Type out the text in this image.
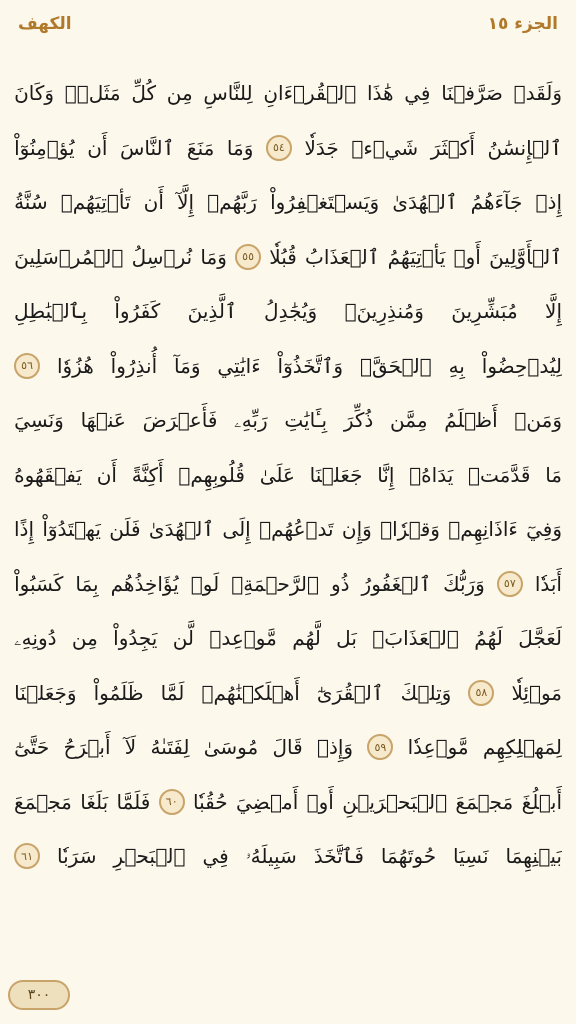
الكهف	الجزء ١٥
وَلَقَدۡ
صَرَّفۡنَا
فِي
هَٰذَا
ٱلۡقُرۡءَانِ
لِلنَّاسِ
مِن
كُلِّ
مَثَلٖۚ
وَكَانَ
ٱلۡإِنسَٰنُ
أَكۡثَرَ
شَيۡءٖ
جَدَلٗا
٥٤
وَمَا
مَنَعَ
ٱلنَّاسَ
أَن
يُؤۡمِنُوٓاْ
إِذۡ
جَآءَهُمُ
ٱلۡهُدَىٰ
وَيَسۡتَغۡفِرُواْ
رَبَّهُمۡ
إِلَّآ
أَن
تَأۡتِيَهُمۡ
سُنَّةُ
ٱلۡأَوَّلِينَ
أَوۡ
يَأۡتِيَهُمُ
ٱلۡعَذَابُ
قُبُلٗا
٥٥
وَمَا
نُرۡسِلُ
ٱلۡمُرۡسَلِينَ
إِلَّا
مُبَشِّرِينَ
وَمُنذِرِينَۚ
وَيُجَٰدِلُ
ٱلَّذِينَ
كَفَرُواْ
بِٱلۡبَٰطِلِ
لِيُدۡحِضُواْ
بِهِ
ٱلۡحَقَّۖ
وَٱتَّخَذُوٓاْ
ءَايَٰتِي
وَمَآ
أُنذِرُواْ
هُزُوٗا
٥٦
وَمَنۡ
أَظۡلَمُ
مِمَّن
ذُكِّرَ
بِـَٔايَٰتِ
رَبِّهِۦ
فَأَعۡرَضَ
عَنۡهَا
وَنَسِيَ
مَا
قَدَّمَتۡ
يَدَاهُۚ
إِنَّا
جَعَلۡنَا
عَلَىٰ
قُلُوبِهِمۡ
أَكِنَّةً
أَن
يَفۡقَهُوهُ
وَفِيٓ
ءَاذَانِهِمۡ
وَقۡرٗاۖ
وَإِن
تَدۡعُهُمۡ
إِلَى
ٱلۡهُدَىٰ
فَلَن
يَهۡتَدُوٓاْ
إِذًا
أَبَدٗا
٥٧
وَرَبُّكَ
ٱلۡغَفُورُ
ذُو
ٱلرَّحۡمَةِۖ
لَوۡ
يُؤَاخِذُهُم
بِمَا
كَسَبُواْ
لَعَجَّلَ
لَهُمُ
ٱلۡعَذَابَۚ
بَل
لَّهُم
مَّوۡعِدٞ
لَّن
يَجِدُواْ
مِن
دُونِهِۦ
مَوۡئِلٗا
٥٨
وَتِلۡكَ
ٱلۡقُرَىٰٓ
أَهۡلَكۡنَٰهُمۡ
لَمَّا
ظَلَمُواْ
وَجَعَلۡنَا
لِمَهۡلِكِهِم
مَّوۡعِدٗا
٥٩
وَإِذۡ
قَالَ
مُوسَىٰ
لِفَتَىٰهُ
لَآ
أَبۡرَحُ
حَتَّىٰٓ
أَبۡلُغَ
مَجۡمَعَ
ٱلۡبَحۡرَيۡنِ
أَوۡ
أَمۡضِيَ
حُقُبٗا
٦٠
فَلَمَّا
بَلَغَا
مَجۡمَعَ
بَيۡنِهِمَا
نَسِيَا
حُوتَهُمَا
فَٱتَّخَذَ
سَبِيلَهُۥ
فِي
ٱلۡبَحۡرِ
سَرَبٗا
٦١
٣٠٠
